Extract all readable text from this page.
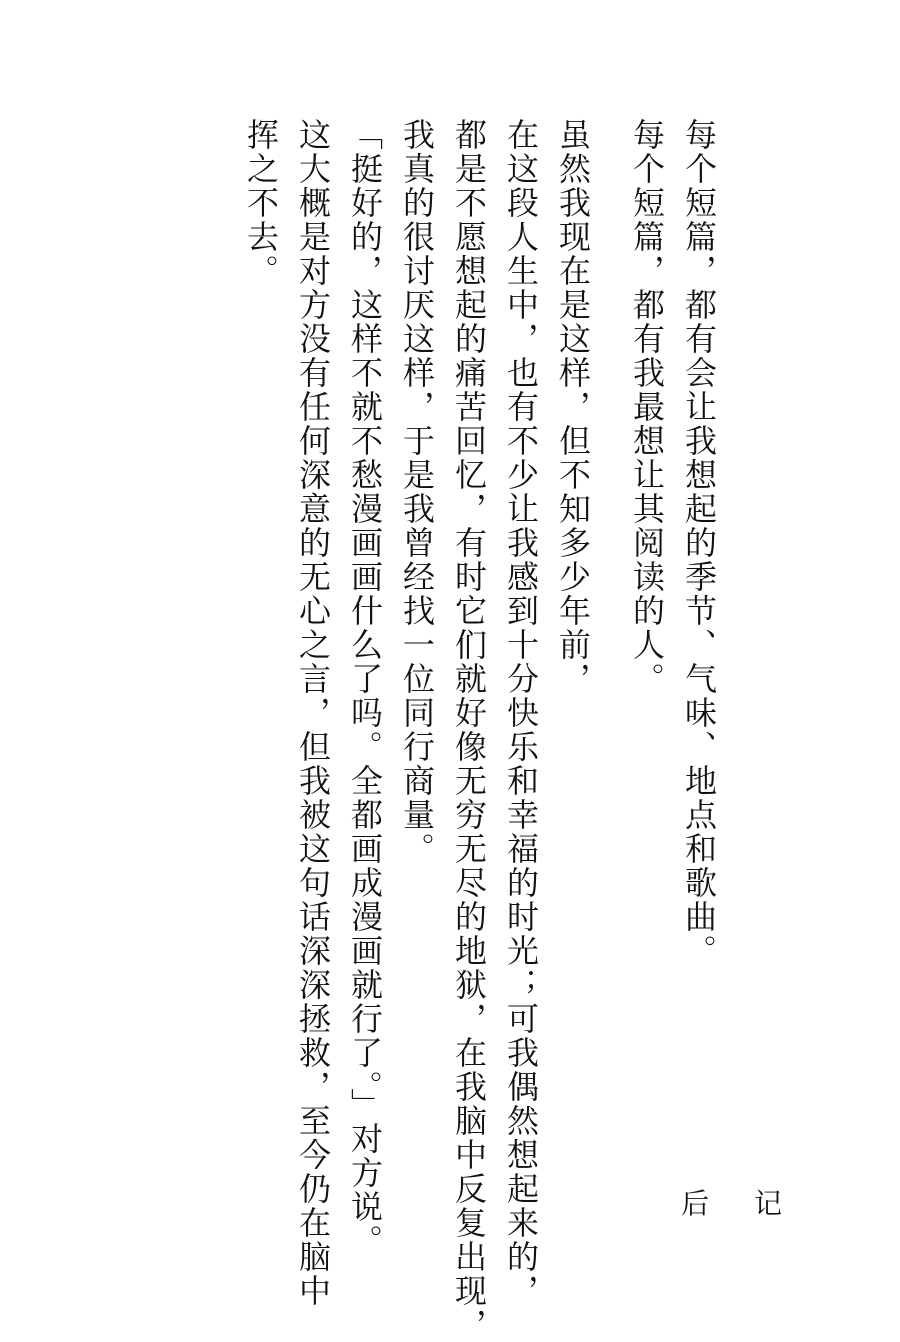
每个短篇，都有会让我想起的季节、气味、地点和歌曲。
每个短篇，都有我最想让其阅读的人。
虽然我现在是这样，但不知多少年前，
在这段人生中，也有不少让我感到十分快乐和幸福的时光；可我偶然想起来的，
都是不愿想起的痛苦回忆，有时它们就好像无穷无尽的地狱，在我脑中反复出现，
我真的很讨厌这样，于是我曾经找一位同行商量。
「挺好的，这样不就不愁漫画画什么了吗。全都画成漫画就行了。」对方说。
这大概是对方没有任何深意的无心之言，但我被这句话深深拯救，至今仍在脑中
挥之不去。
后 记
